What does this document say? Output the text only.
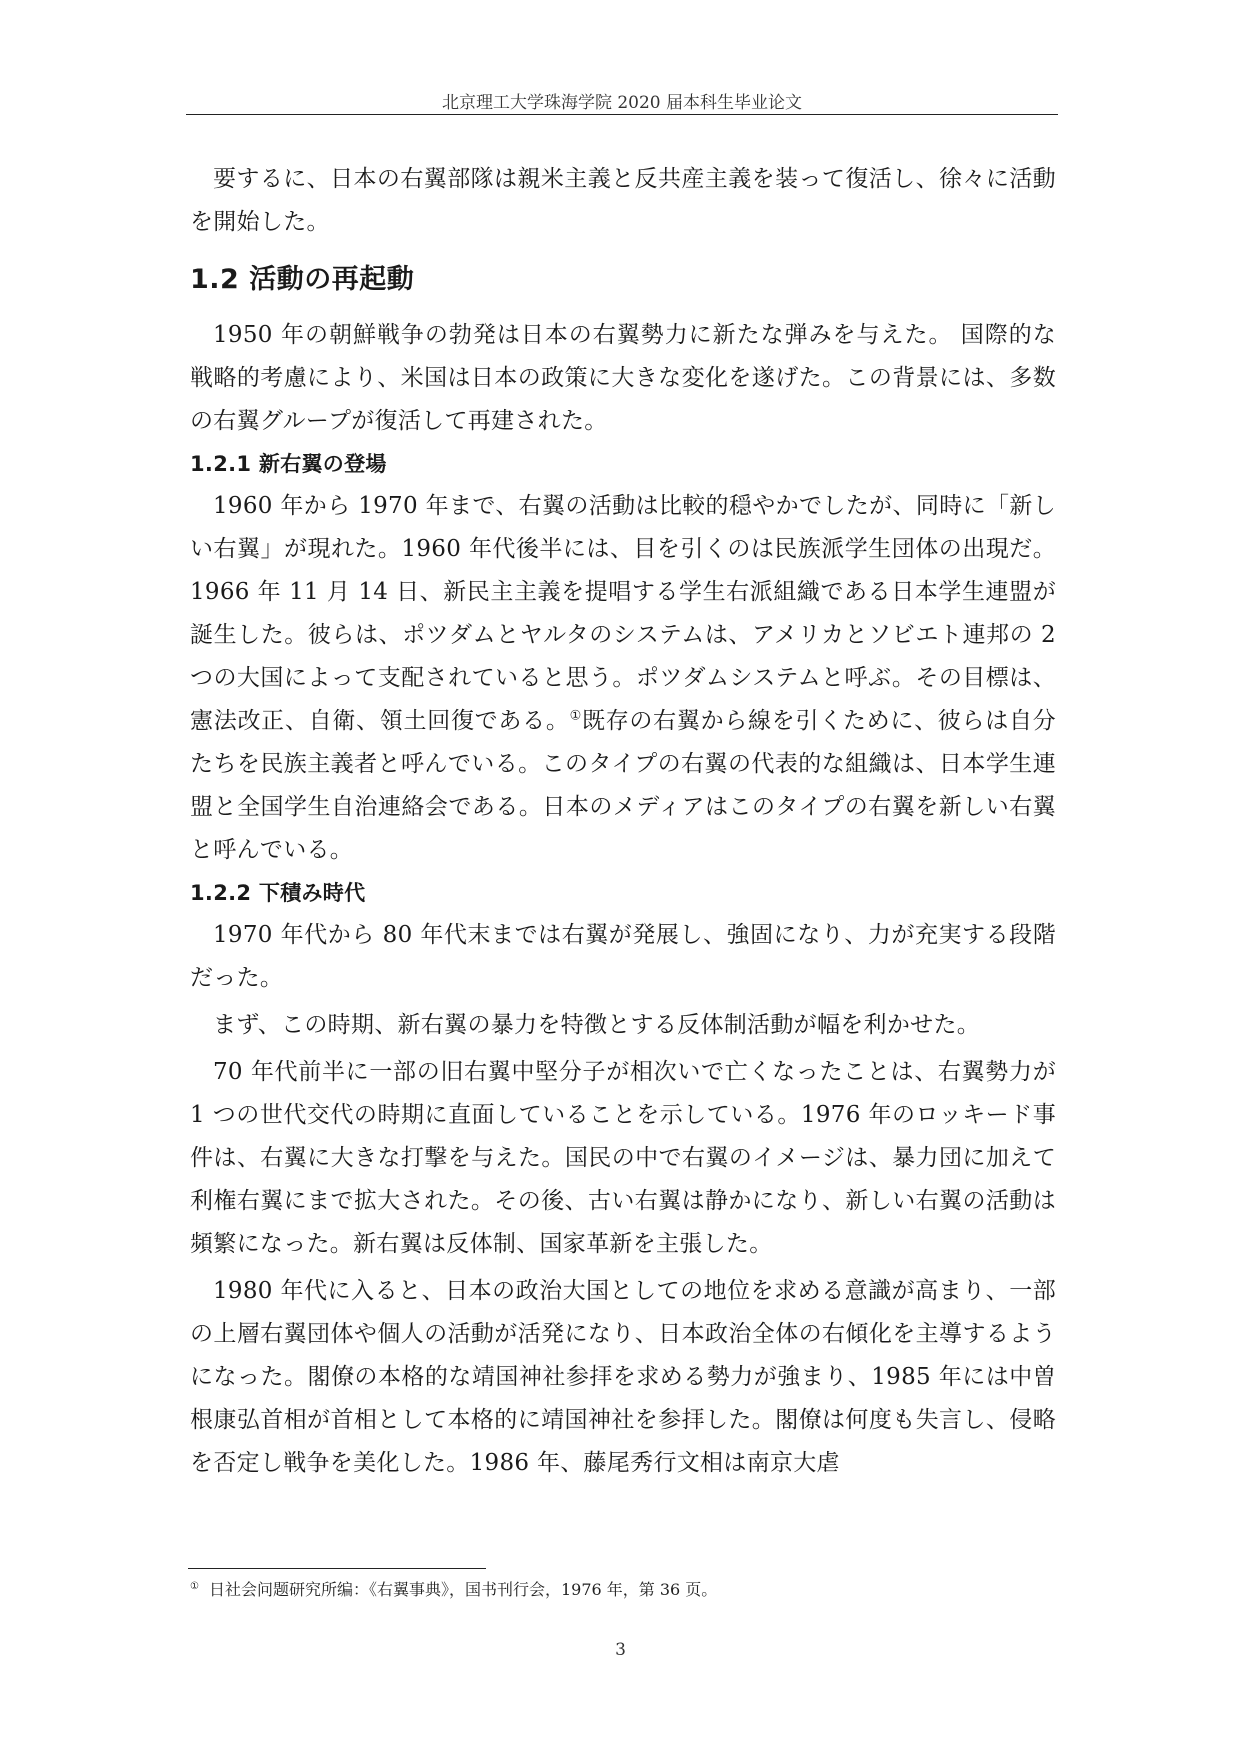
北京理工大学珠海学院 2020 届本科生毕业论文

要するに、日本の右翼部隊は親米主義と反共産主義を装って復活し、徐々に活動を開始した。

1.2 活動の再起動

1950 年の朝鮮戦争の勃発は日本の右翼勢力に新たな弾みを与えた。 国際的な戦略的考慮により、米国は日本の政策に大きな変化を遂げた。この背景には、多数の右翼グループが復活して再建された。

1.2.1 新右翼の登場

1960 年から 1970 年まで、右翼の活動は比較的穏やかでしたが、同時に「新しい右翼」が現れた。1960 年代後半には、目を引くのは民族派学生団体の出現だ。1966 年 11 月 14 日、新民主主義を提唱する学生右派組織である日本学生連盟が誕生した。彼らは、ポツダムとヤルタのシステムは、アメリカとソビエト連邦の 2 つの大国によって支配されていると思う。ポツダムシステムと呼ぶ。その目標は、憲法改正、自衛、領土回復である。①既存の右翼から線を引くために、彼らは自分たちを民族主義者と呼んでいる。このタイプの右翼の代表的な組織は、日本学生連盟と全国学生自治連絡会である。日本のメディアはこのタイプの右翼を新しい右翼と呼んでいる。

1.2.2 下積み時代

1970 年代から 80 年代末までは右翼が発展し、強固になり、力が充実する段階だった。

まず、この時期、新右翼の暴力を特徴とする反体制活動が幅を利かせた。

70 年代前半に一部の旧右翼中堅分子が相次いで亡くなったことは、右翼勢力が 1 つの世代交代の時期に直面していることを示している。1976 年のロッキード事件は、右翼に大きな打撃を与えた。国民の中で右翼のイメージは、暴力団に加えて利権右翼にまで拡大された。その後、古い右翼は静かになり、新しい右翼の活動は頻繁になった。新右翼は反体制、国家革新を主張した。

1980 年代に入ると、日本の政治大国としての地位を求める意識が高まり、一部の上層右翼団体や個人の活動が活発になり、日本政治全体の右傾化を主導するようになった。閣僚の本格的な靖国神社参拝を求める勢力が強まり、1985 年には中曽根康弘首相が首相として本格的に靖国神社を参拝した。閣僚は何度も失言し、侵略を否定し戦争を美化した。1986 年、藤尾秀行文相は南京大虐

① 日社会问题研究所编：《右翼事典》，国书刊行会，1976 年，第 36 页。
3
